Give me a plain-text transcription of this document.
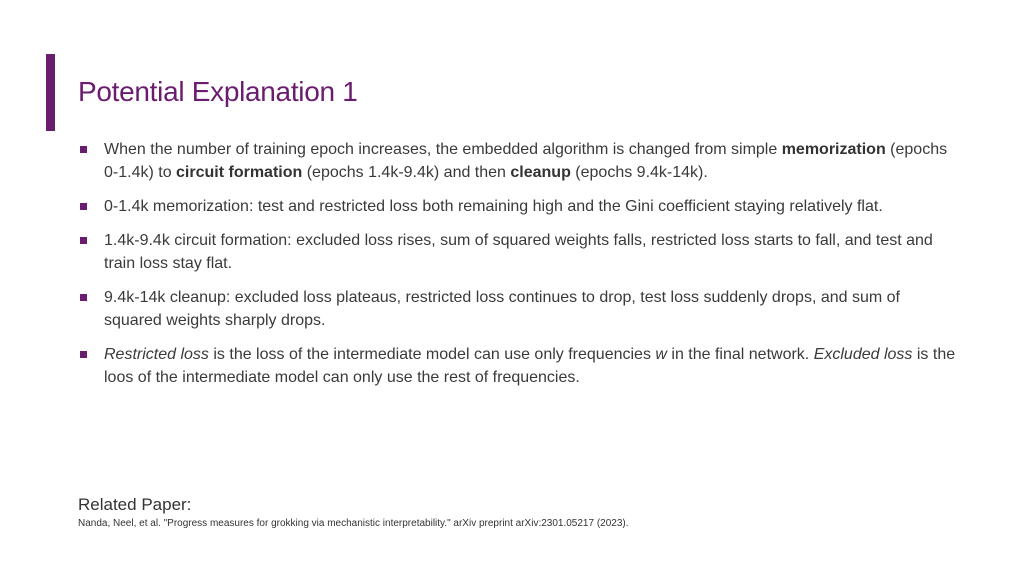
Potential Explanation 1
When the number of training epoch increases, the embedded algorithm is changed from simple memorization (epochs 0-1.4k) to circuit formation (epochs 1.4k-9.4k) and then cleanup (epochs 9.4k-14k).
0-1.4k memorization: test and restricted loss both remaining high and the Gini coefficient staying relatively flat.
1.4k-9.4k circuit formation: excluded loss rises, sum of squared weights falls, restricted loss starts to fall, and test and train loss stay flat.
9.4k-14k cleanup: excluded loss plateaus, restricted loss continues to drop, test loss suddenly drops, and sum of squared weights sharply drops.
Restricted loss is the loss of the intermediate model can use only frequencies w in the final network. Excluded loss is the loos of the intermediate model can only use the rest of frequencies.
Related Paper:
Nanda, Neel, et al. "Progress measures for grokking via mechanistic interpretability." arXiv preprint arXiv:2301.05217 (2023).
